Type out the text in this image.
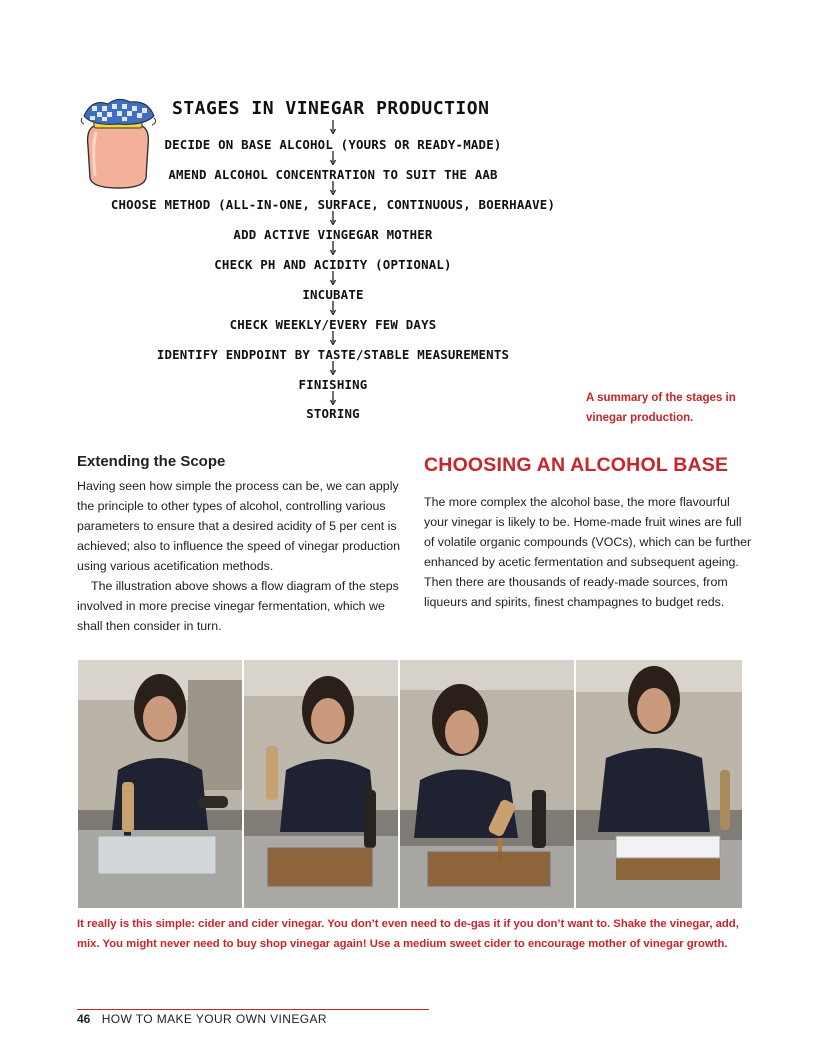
STAGES IN VINEGAR PRODUCTION
DECIDE ON BASE ALCOHOL (YOURS OR READY-MADE)
AMEND ALCOHOL CONCENTRATION TO SUIT THE AAB
CHOOSE METHOD (ALL-IN-ONE, SURFACE, CONTINUOUS, BOERHAAVE)
ADD ACTIVE VINGEGAR MOTHER
CHECK PH AND ACIDITY (OPTIONAL)
INCUBATE
CHECK WEEKLY/EVERY FEW DAYS
IDENTIFY ENDPOINT BY TASTE/STABLE MEASUREMENTS
FINISHING
STORING
A summary of the stages in vinegar production.
Extending the Scope

Having seen how simple the process can be, we can apply the principle to other types of alcohol, controlling various parameters to ensure that a desired acidity of 5 per cent is achieved; also to influence the speed of vinegar production using various acetification methods.

The illustration above shows a flow diagram of the steps involved in more precise vinegar fermentation, which we shall then consider in turn.

CHOOSING AN ALCOHOL BASE

The more complex the alcohol base, the more flavourful your vinegar is likely to be. Home-made fruit wines are full of volatile organic compounds (VOCs), which can be further enhanced by acetic fermentation and subsequent ageing. Then there are thousands of ready-made sources, from liqueurs and spirits, finest champagnes to budget reds.

It really is this simple: cider and cider vinegar. You don’t even need to de-gas it if you don’t want to. Shake the vinegar, add, mix. You might never need to buy shop vinegar again! Use a medium sweet cider to encourage mother of vinegar growth.
46 HOW TO MAKE YOUR OWN VINEGAR
